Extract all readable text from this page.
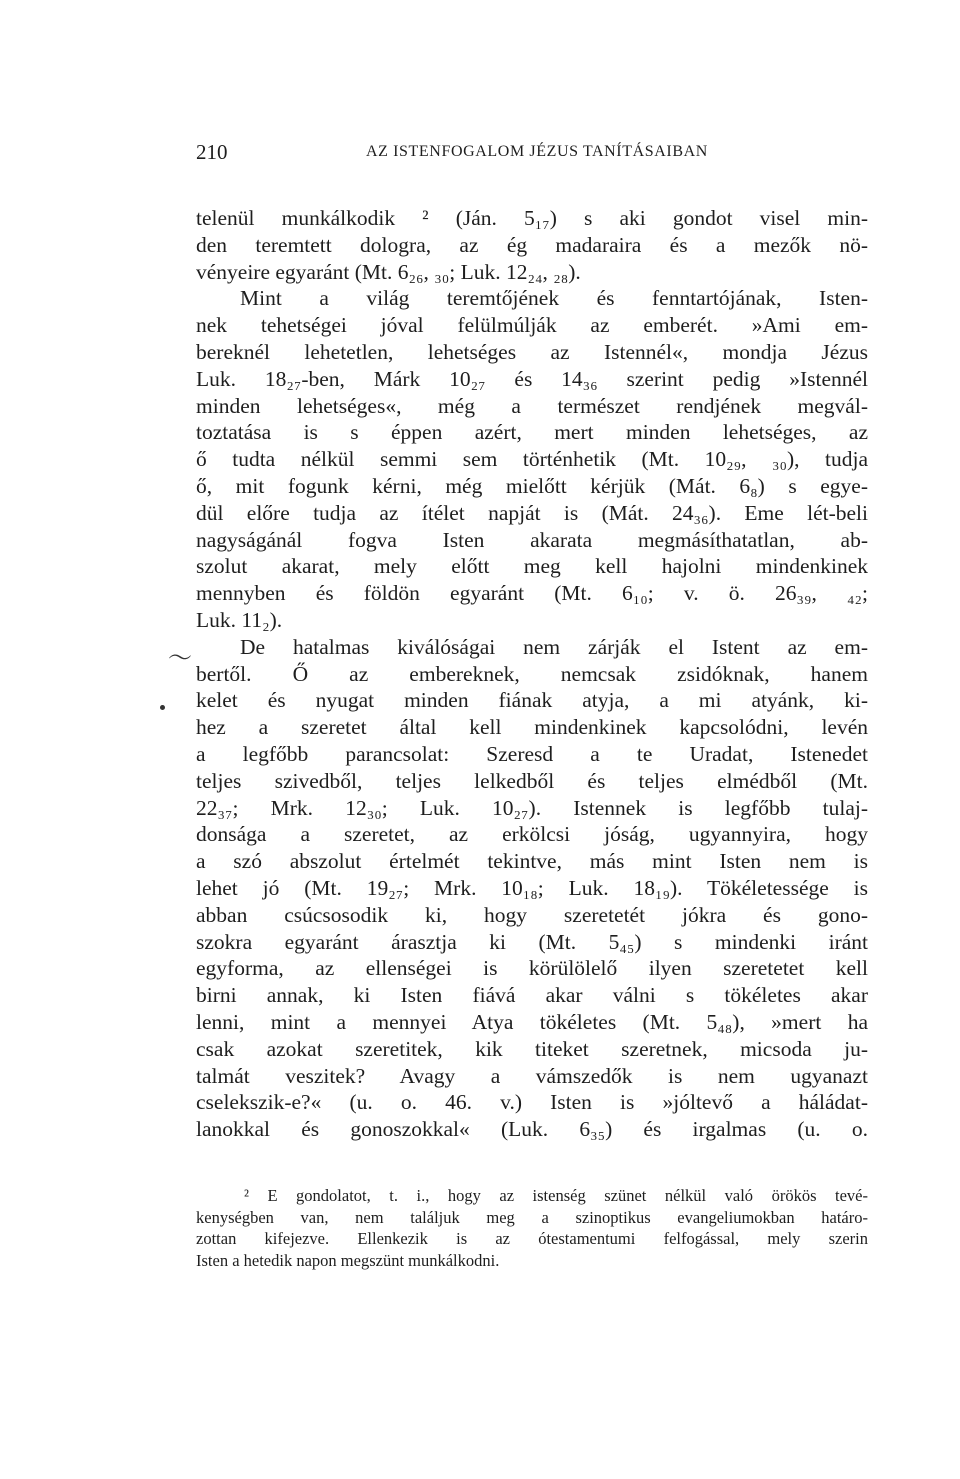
210	AZ ISTENFOGALOM JÉZUS TANÍTÁSAIBAN
〜
telenül munkálkodik ² (Ján. 5₁₇) s aki gondot visel min-
den teremtett dologra, az ég madaraira és a mezők nö-
vényeire egyaránt (Mt. 6₂₆, ₃₀; Luk. 12₂₄, ₂₈).
Mint a világ teremtőjének és fenntartójának, Isten-
nek tehetségei jóval felülmúlják az emberét. »Ami em-
bereknél lehetetlen, lehetséges az Istennél«, mondja Jézus
Luk. 18₂₇-ben, Márk 10₂₇ és 14₃₆ szerint pedig »Istennél
minden lehetséges«, még a természet rendjének megvál-
toztatása is s éppen azért, mert minden lehetséges, az
ő tudta nélkül semmi sem történhetik (Mt. 10₂₉, ₃₀), tudja
ő, mit fogunk kérni, még mielőtt kérjük (Mát. 6₈) s egye-
dül előre tudja az ítélet napját is (Mát. 24₃₆). Eme lét-beli
nagyságánál fogva Isten akarata megmásíthatatlan, ab-
szolut akarat, mely előtt meg kell hajolni mindenkinek
mennyben és földön egyaránt (Mt. 6₁₀; v. ö. 26₃₉, ₄₂;
Luk. 11₂).
De hatalmas kiválóságai nem zárják el Istent az em-
bertől. Ő az embereknek, nemcsak zsidóknak, hanem
kelet és nyugat minden fiának atyja, a mi atyánk, ki-
hez a szeretet által kell mindenkinek kapcsolódni, levén
a legfőbb parancsolat: Szeresd a te Uradat, Istenedet
teljes szivedből, teljes lelkedből és teljes elmédből (Mt.
22₃₇; Mrk. 12₃₀; Luk. 10₂₇). Istennek is legfőbb tulaj-
donsága a szeretet, az erkölcsi jóság, ugyannyira, hogy
a szó abszolut értelmét tekintve, más mint Isten nem is
lehet jó (Mt. 19₂₇; Mrk. 10₁₈; Luk. 18₁₉). Tökéletessége is
abban csúcsosodik ki, hogy szeretetét jókra és gono-
szokra egyaránt árasztja ki (Mt. 5₄₅) s mindenki iránt
egyforma, az ellenségei is körülölelő ilyen szeretetet kell
birni annak, ki Isten fiává akar válni s tökéletes akar
lenni, mint a mennyei Atya tökéletes (Mt. 5₄₈), »mert ha
csak azokat szeretitek, kik titeket szeretnek, micsoda ju-
talmát veszitek? Avagy a vámszedők is nem ugyanazt
cselekszik-e?« (u. o. 46. v.) Isten is »jóltevő a háládat-
lanokkal és gonoszokkal« (Luk. 6₃₅) és irgalmas (u. o.
² E gondolatot, t. i., hogy az istenség szünet nélkül való örökös tevé-
kenységben van, nem találjuk meg a szinoptikus evangeliumokban határo-
zottan kifejezve. Ellenkezik is az ótestamentumi felfogással, mely szerin
Isten a hetedik napon megszünt munkálkodni.
